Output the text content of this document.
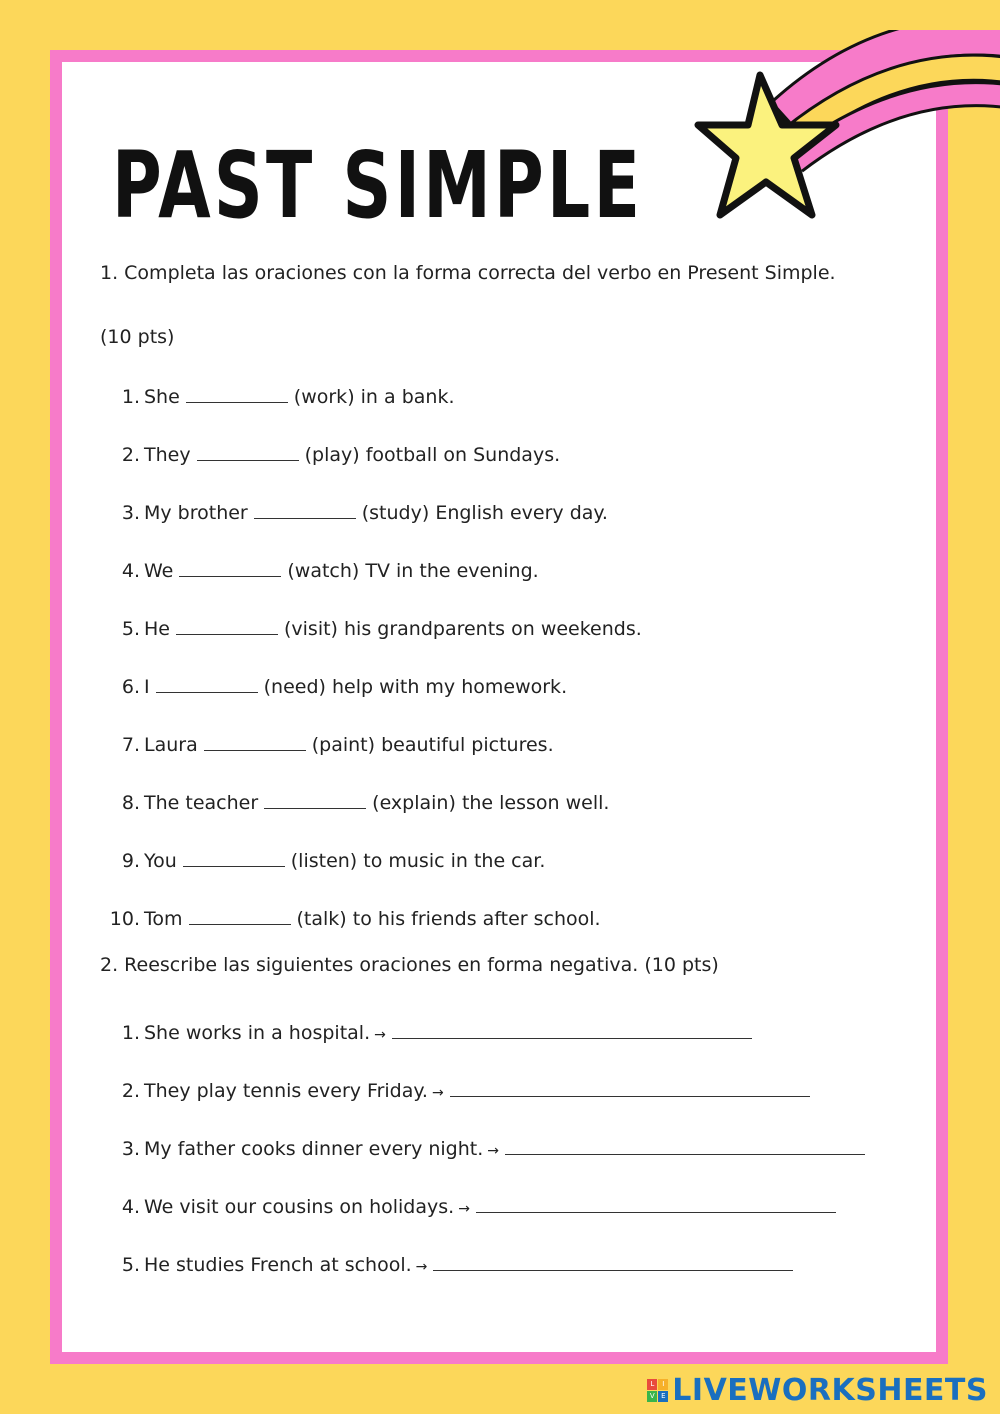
PAST SIMPLE

1. Completa las oraciones con la forma correcta del verbo en Present Simple.

(10 pts)
1. She	(work) in a bank.
2. They	(play) football on Sundays.
3. My brother	(study) English every day.
4. We	(watch) TV in the evening.
5. He	(visit) his grandparents on weekends.
6. I	(need) help with my homework.
7. Laura	(paint) beautiful pictures.
8. The teacher	(explain) the lesson well.
9. You	(listen) to music in the car.
10. Tom	(talk) to his friends after school.

2. Reescribe las siguientes oraciones en forma negativa. (10 pts)

1. She works in a hospital. →
2. They play tennis every Friday. →
3. My father cooks dinner every night. →
4. We visit our cousins on holidays. →
5. He studies French at school. →
L	I
V E LIVEWORKSHEETS
